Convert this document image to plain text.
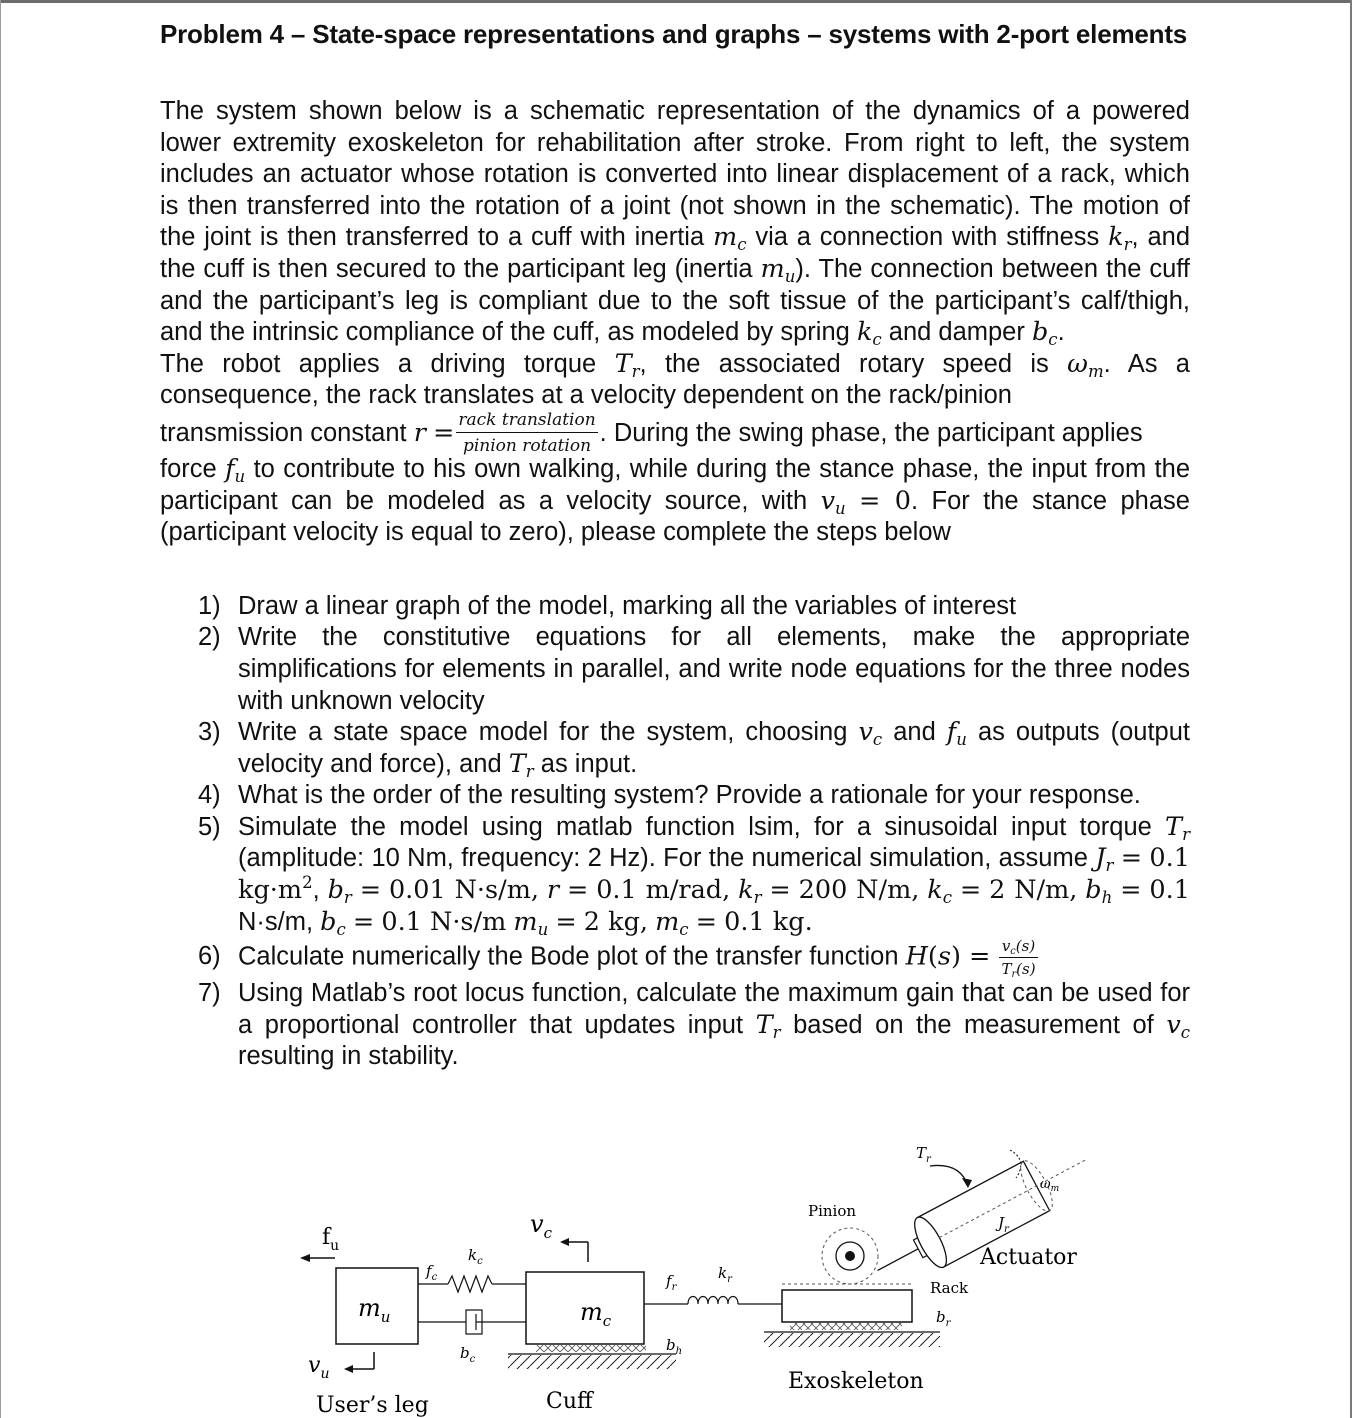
Problem 4 – State-space representations and graphs – systems with 2-port elements

The system shown below is a schematic representation of the dynamics of a powered lower extremity exoskeleton for rehabilitation after stroke. From right to left, the system includes an actuator whose rotation is converted into linear displacement of a rack, which is then transferred into the rotation of a joint (not shown in the schematic). The motion of the joint is then transferred to a cuff with inertia $m_c$ via a connection with stiffness $k_r$, and the cuff is then secured to the participant leg (inertia $m_u$). The connection between the cuff and the participant’s leg is compliant due to the soft tissue of the participant’s calf/thigh, and the intrinsic compliance of the cuff, as modeled by spring $k_c$ and damper $b_c$.

The robot applies a driving torque $T_r$, the associated rotary speed is $\omega_m$. As a consequence, the rack translates at a velocity dependent on the rack/pinion

transmission constant $r = \frac{\text{rack translation}}{\text{pinion rotation}}$ . During the swing phase, the participant applies

force $f_u$ to contribute to his own walking, while during the stance phase, the input from the participant can be modeled as a velocity source, with $v_u = 0$. For the stance phase (participant velocity is equal to zero), please complete the steps below

1) Draw a linear graph of the model, marking all the variables of interest
2) Write the constitutive equations for all elements, make the appropriate simplifications for elements in parallel, and write node equations for the three nodes with unknown velocity
3) Write a state space model for the system, choosing $v_c$ and $f_u$ as outputs (output velocity and force), and $T_r$ as input.
4) What is the order of the resulting system? Provide a rationale for your response.
5) Simulate the model using matlab function lsim, for a sinusoidal input torque $T_r$ (amplitude: 10 Nm, frequency: 2 Hz). For the numerical simulation, assume $J_r = 0.1$ $kg\cdot m^2$, $b_r = 0.01$ N·s/m, r = 0.1 m/rad, $k_r = 200$ N/m, $k_c = 2$ N/m, $b_h = 0.1$ N·s/m, $b_c = 0.1$ N·s/m $m_u = 2$ kg, $m_c = 0.1$ kg.
6) Calculate numerically the Bode plot of the transfer function $H(s) = \frac{v_c(s)}{T_r(s)}$
7) Using Matlab’s root locus function, calculate the maximum gain that can be used for a proportional controller that updates input $T_r$ based on the measurement of $v_c$ resulting in stability.
$f_u$
$m_u$
$v_u$
User’s leg
$f_c$
$k_c$
$b_c$
$v_c$
$m_c$
Cuff
$f_r$
$k_r$
$b_h$
Pinion
Rack
$b_r$
Exoskeleton
$T_r$
$\omega_m$
$J_r$
Actuator
